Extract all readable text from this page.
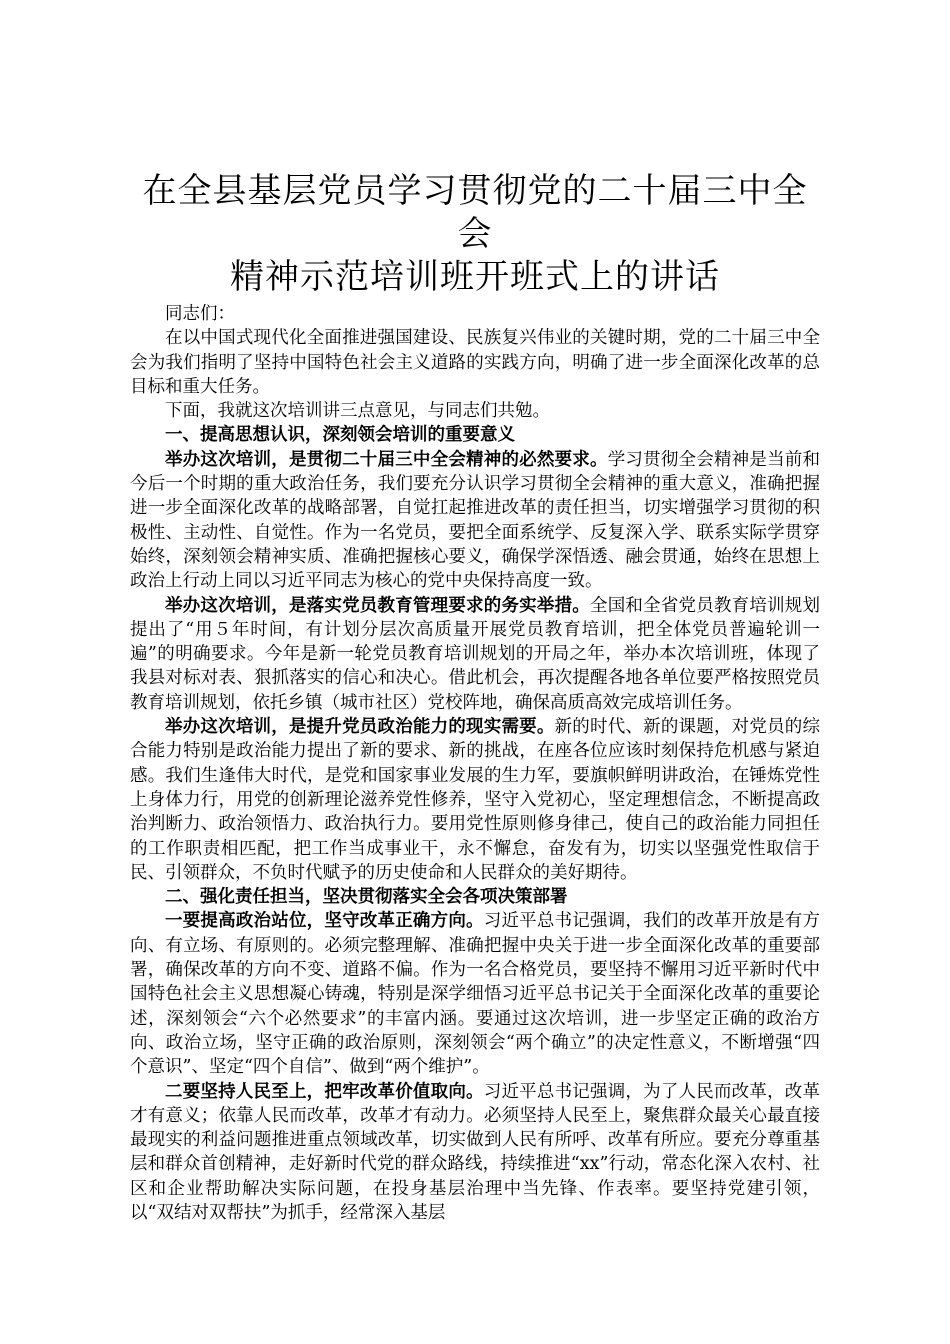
在全县基层党员学习贯彻党的二十届三中全会
精神示范培训班开班式上的讲话

同志们：

在以中国式现代化全面推进强国建设、民族复兴伟业的关键时期，党的二十届三中全会为我们指明了坚持中国特色社会主义道路的实践方向，明确了进一步全面深化改革的总目标和重大任务。

下面，我就这次培训讲三点意见，与同志们共勉。

一、提高思想认识，深刻领会培训的重要意义

举办这次培训，是贯彻二十届三中全会精神的必然要求。学习贯彻全会精神是当前和今后一个时期的重大政治任务，我们要充分认识学习贯彻全会精神的重大意义，准确把握进一步全面深化改革的战略部署，自觉扛起推进改革的责任担当，切实增强学习贯彻的积极性、主动性、自觉性。作为一名党员，要把全面系统学、反复深入学、联系实际学贯穿始终，深刻领会精神实质、准确把握核心要义，确保学深悟透、融会贯通，始终在思想上政治上行动上同以习近平同志为核心的党中央保持高度一致。

举办这次培训，是落实党员教育管理要求的务实举措。全国和全省党员教育培训规划提出了“用５年时间，有计划分层次高质量开展党员教育培训，把全体党员普遍轮训一遍”的明确要求。今年是新一轮党员教育培训规划的开局之年，举办本次培训班，体现了我县对标对表、狠抓落实的信心和决心。借此机会，再次提醒各地各单位要严格按照党员教育培训规划，依托乡镇（城市社区）党校阵地，确保高质高效完成培训任务。

举办这次培训，是提升党员政治能力的现实需要。新的时代、新的课题，对党员的综合能力特别是政治能力提出了新的要求、新的挑战，在座各位应该时刻保持危机感与紧迫感。我们生逢伟大时代，是党和国家事业发展的生力军，要旗帜鲜明讲政治，在锤炼党性上身体力行，用党的创新理论滋养党性修养，坚守入党初心，坚定理想信念，不断提高政治判断力、政治领悟力、政治执行力。要用党性原则修身律己，使自己的政治能力同担任的工作职责相匹配，把工作当成事业干，永不懈怠，奋发有为，切实以坚强党性取信于民、引领群众，不负时代赋予的历史使命和人民群众的美好期待。

二、强化责任担当，坚决贯彻落实全会各项决策部署

一要提高政治站位，坚守改革正确方向。习近平总书记强调，我们的改革开放是有方向、有立场、有原则的。必须完整理解、准确把握中央关于进一步全面深化改革的重要部署，确保改革的方向不变、道路不偏。作为一名合格党员，要坚持不懈用习近平新时代中国特色社会主义思想凝心铸魂，特别是深学细悟习近平总书记关于全面深化改革的重要论述，深刻领会“六个必然要求”的丰富内涵。要通过这次培训，进一步坚定正确的政治方向、政治立场，坚守正确的政治原则，深刻领会“两个确立”的决定性意义，不断增强“四个意识”、坚定“四个自信”、做到“两个维护”。

二要坚持人民至上，把牢改革价值取向。习近平总书记强调，为了人民而改革，改革才有意义；依靠人民而改革，改革才有动力。必须坚持人民至上，聚焦群众最关心最直接最现实的利益问题推进重点领域改革，切实做到人民有所呼、改革有所应。要充分尊重基层和群众首创精神，走好新时代党的群众路线，持续推进“xx”行动，常态化深入农村、社区和企业帮助解决实际问题，在投身基层治理中当先锋、作表率。要坚持党建引领，以“双结对双帮扶”为抓手，经常深入基层
